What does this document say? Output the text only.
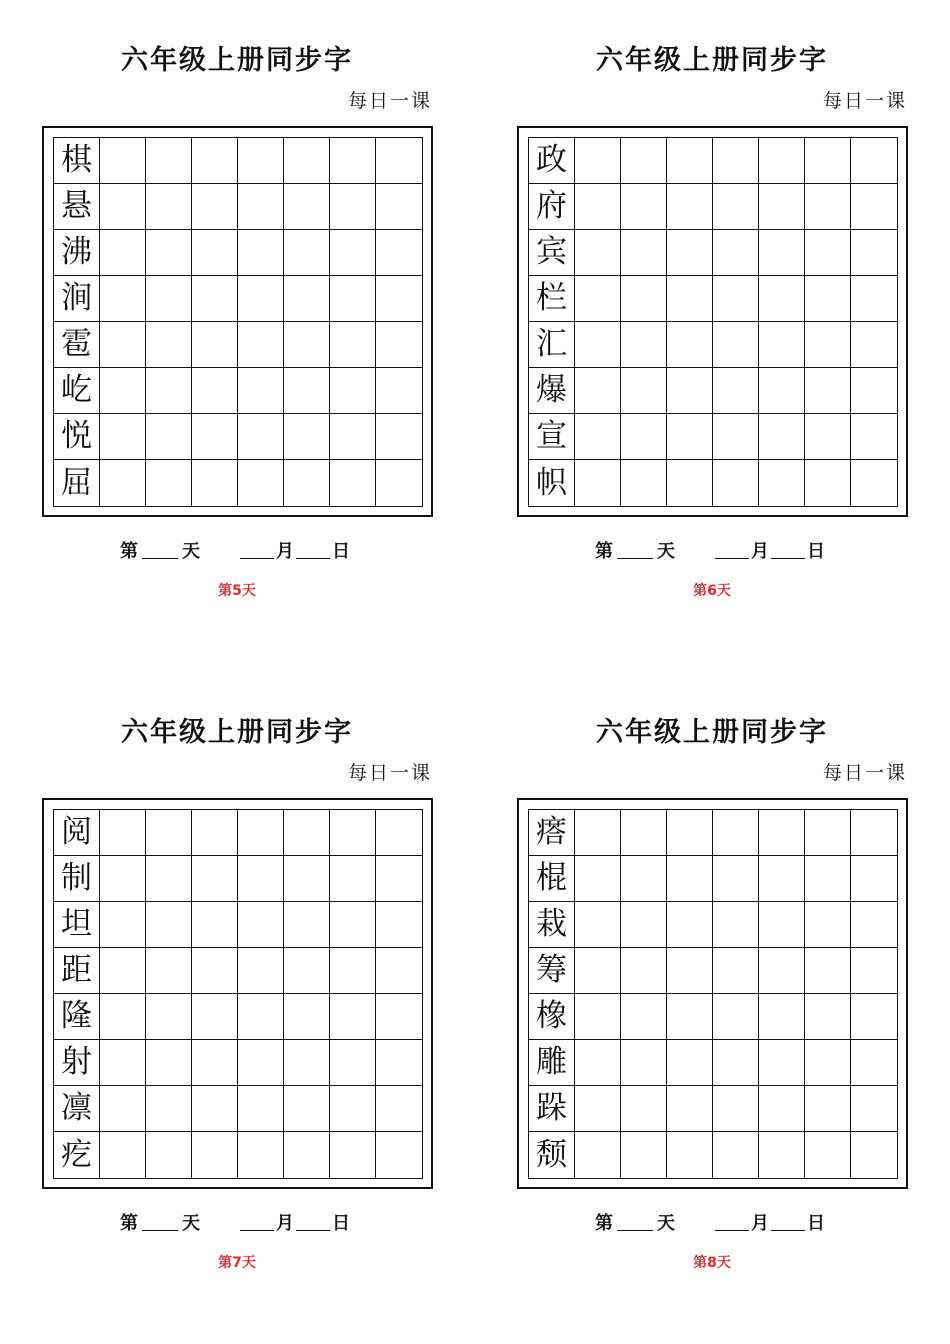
六年级上册同步字
每日一课
棋
悬
沸
涧
雹
屹
悦
屈
第 天	月 日
第5天
六年级上册同步字
每日一课
政
府
宾
栏
汇
爆
宣
帜
第 天	月 日
第6天
六年级上册同步字
每日一课
阅
制
坦
距
隆
射
凛
疙
第 天	月 日
第7天
六年级上册同步字
每日一课
瘩
棍
栽
筹
橡
雕
跺
颓
第 天	月 日
第8天
